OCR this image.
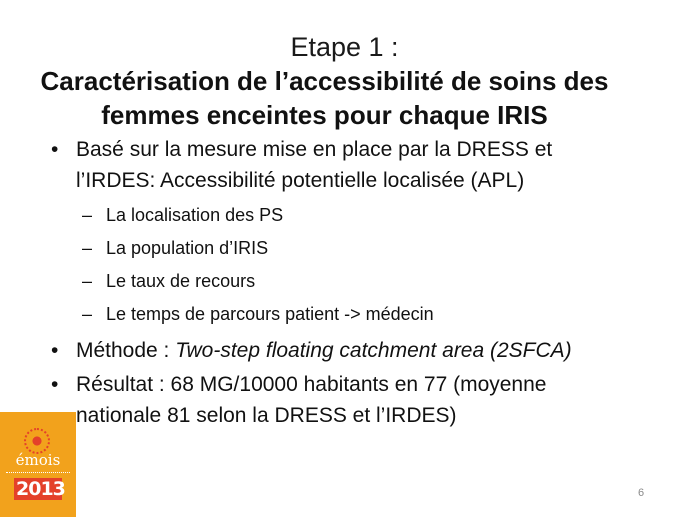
Etape 1 :
Caractérisation de l’accessibilité de soins des
femmes enceintes pour chaque IRIS
• Basé sur la mesure mise en place par la DRESS et
l’IRDES: Accessibilité potentielle localisée (APL)
– La localisation des PS
– La population d’IRIS
– Le taux de recours
– Le temps de parcours patient -> médecin
• Méthode : Two-step floating catchment area (2SFCA)
• Résultat : 68 MG/10000 habitants en 77 (moyenne
nationale 81 selon la DRESS et l’IRDES)
émois
2013	6
